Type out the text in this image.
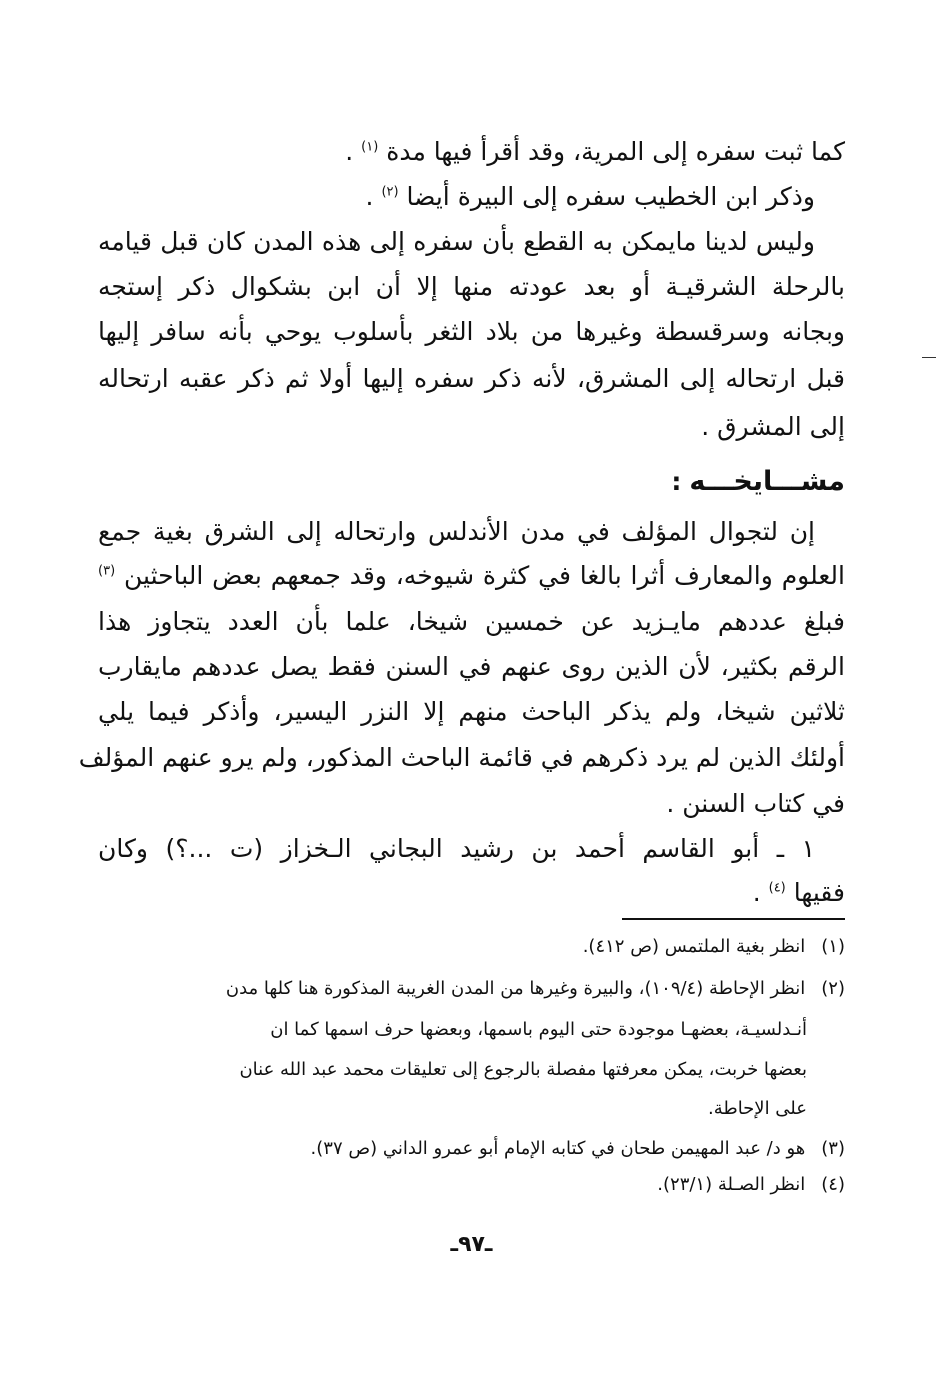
كما ثبت سفره إلى المرية، وقد أقرأ فيها مدة $^{(١)}$ .
وذكر ابن الخطيب سفره إلى البيرة أيضا $^{(٢)}$ .
وليس لدينا مايمكن به القطع بأن سفره إلى هذه المدن كان قبل قيامه
بالرحلة الشرقيـة أو بعد عودته منها إلا أن ابن بشكوال ذكر إستجه
وبجانه وسرقسطة وغيرها من بلاد الثغر بأسلوب يوحي بأنه سافر إليها
قبل ارتحاله إلى المشرق، لأنه ذكر سفره إليها أولا ثم ذكر عقبه ارتحاله
إلى المشرق .
مشـــايخـــه :
إن لتجوال المؤلف في مدن الأندلس وارتحاله إلى الشرق بغية جمع
العلوم والمعارف أثرا بالغا في كثرة شيوخه، وقد جمعهم بعض الباحثين $^{(٣)}$
فبلغ عددهم مايـزيد عن خمسين شيخا، علما بأن العدد يتجاوز هذا
الرقم بكثير، لأن الذين روى عنهم في السنن فقط يصل عددهم مايقارب
ثلاثين شيخا، ولم يذكر الباحث منهم إلا النزر اليسير، وأذكر فيما يلي
أولئك الذين لم يرد ذكرهم في قائمة الباحث المذكور، ولم يرو عنهم المؤلف
في كتاب السنن .
١ ـ أبو القاسم أحمد بن رشيد البجاني الـخزاز (ت ...؟) وكان
فقيها $^{(٤)}$ .
(١) انظر بغية الملتمس (ص ٤١٢).
(٢) انظر الإحاطة (١٠٩/٤)، والبيرة وغيرها من المدن الغريبة المذكورة هنا كلها مدن
أنـدلسيـة، بعضهـا موجودة حتى اليوم باسمها، وبعضها حرف اسمها كما ان
بعضها خربت، يمكن معرفتها مفصلة بالرجوع إلى تعليقات محمد عبد الله عنان
على الإحاطة.
(٣) هو د/ عبد المهيمن طحان في كتابه الإمام أبو عمرو الداني (ص ٣٧).
(٤) انظر الصـلة (٢٣/١).
ـ٩٧ـ
